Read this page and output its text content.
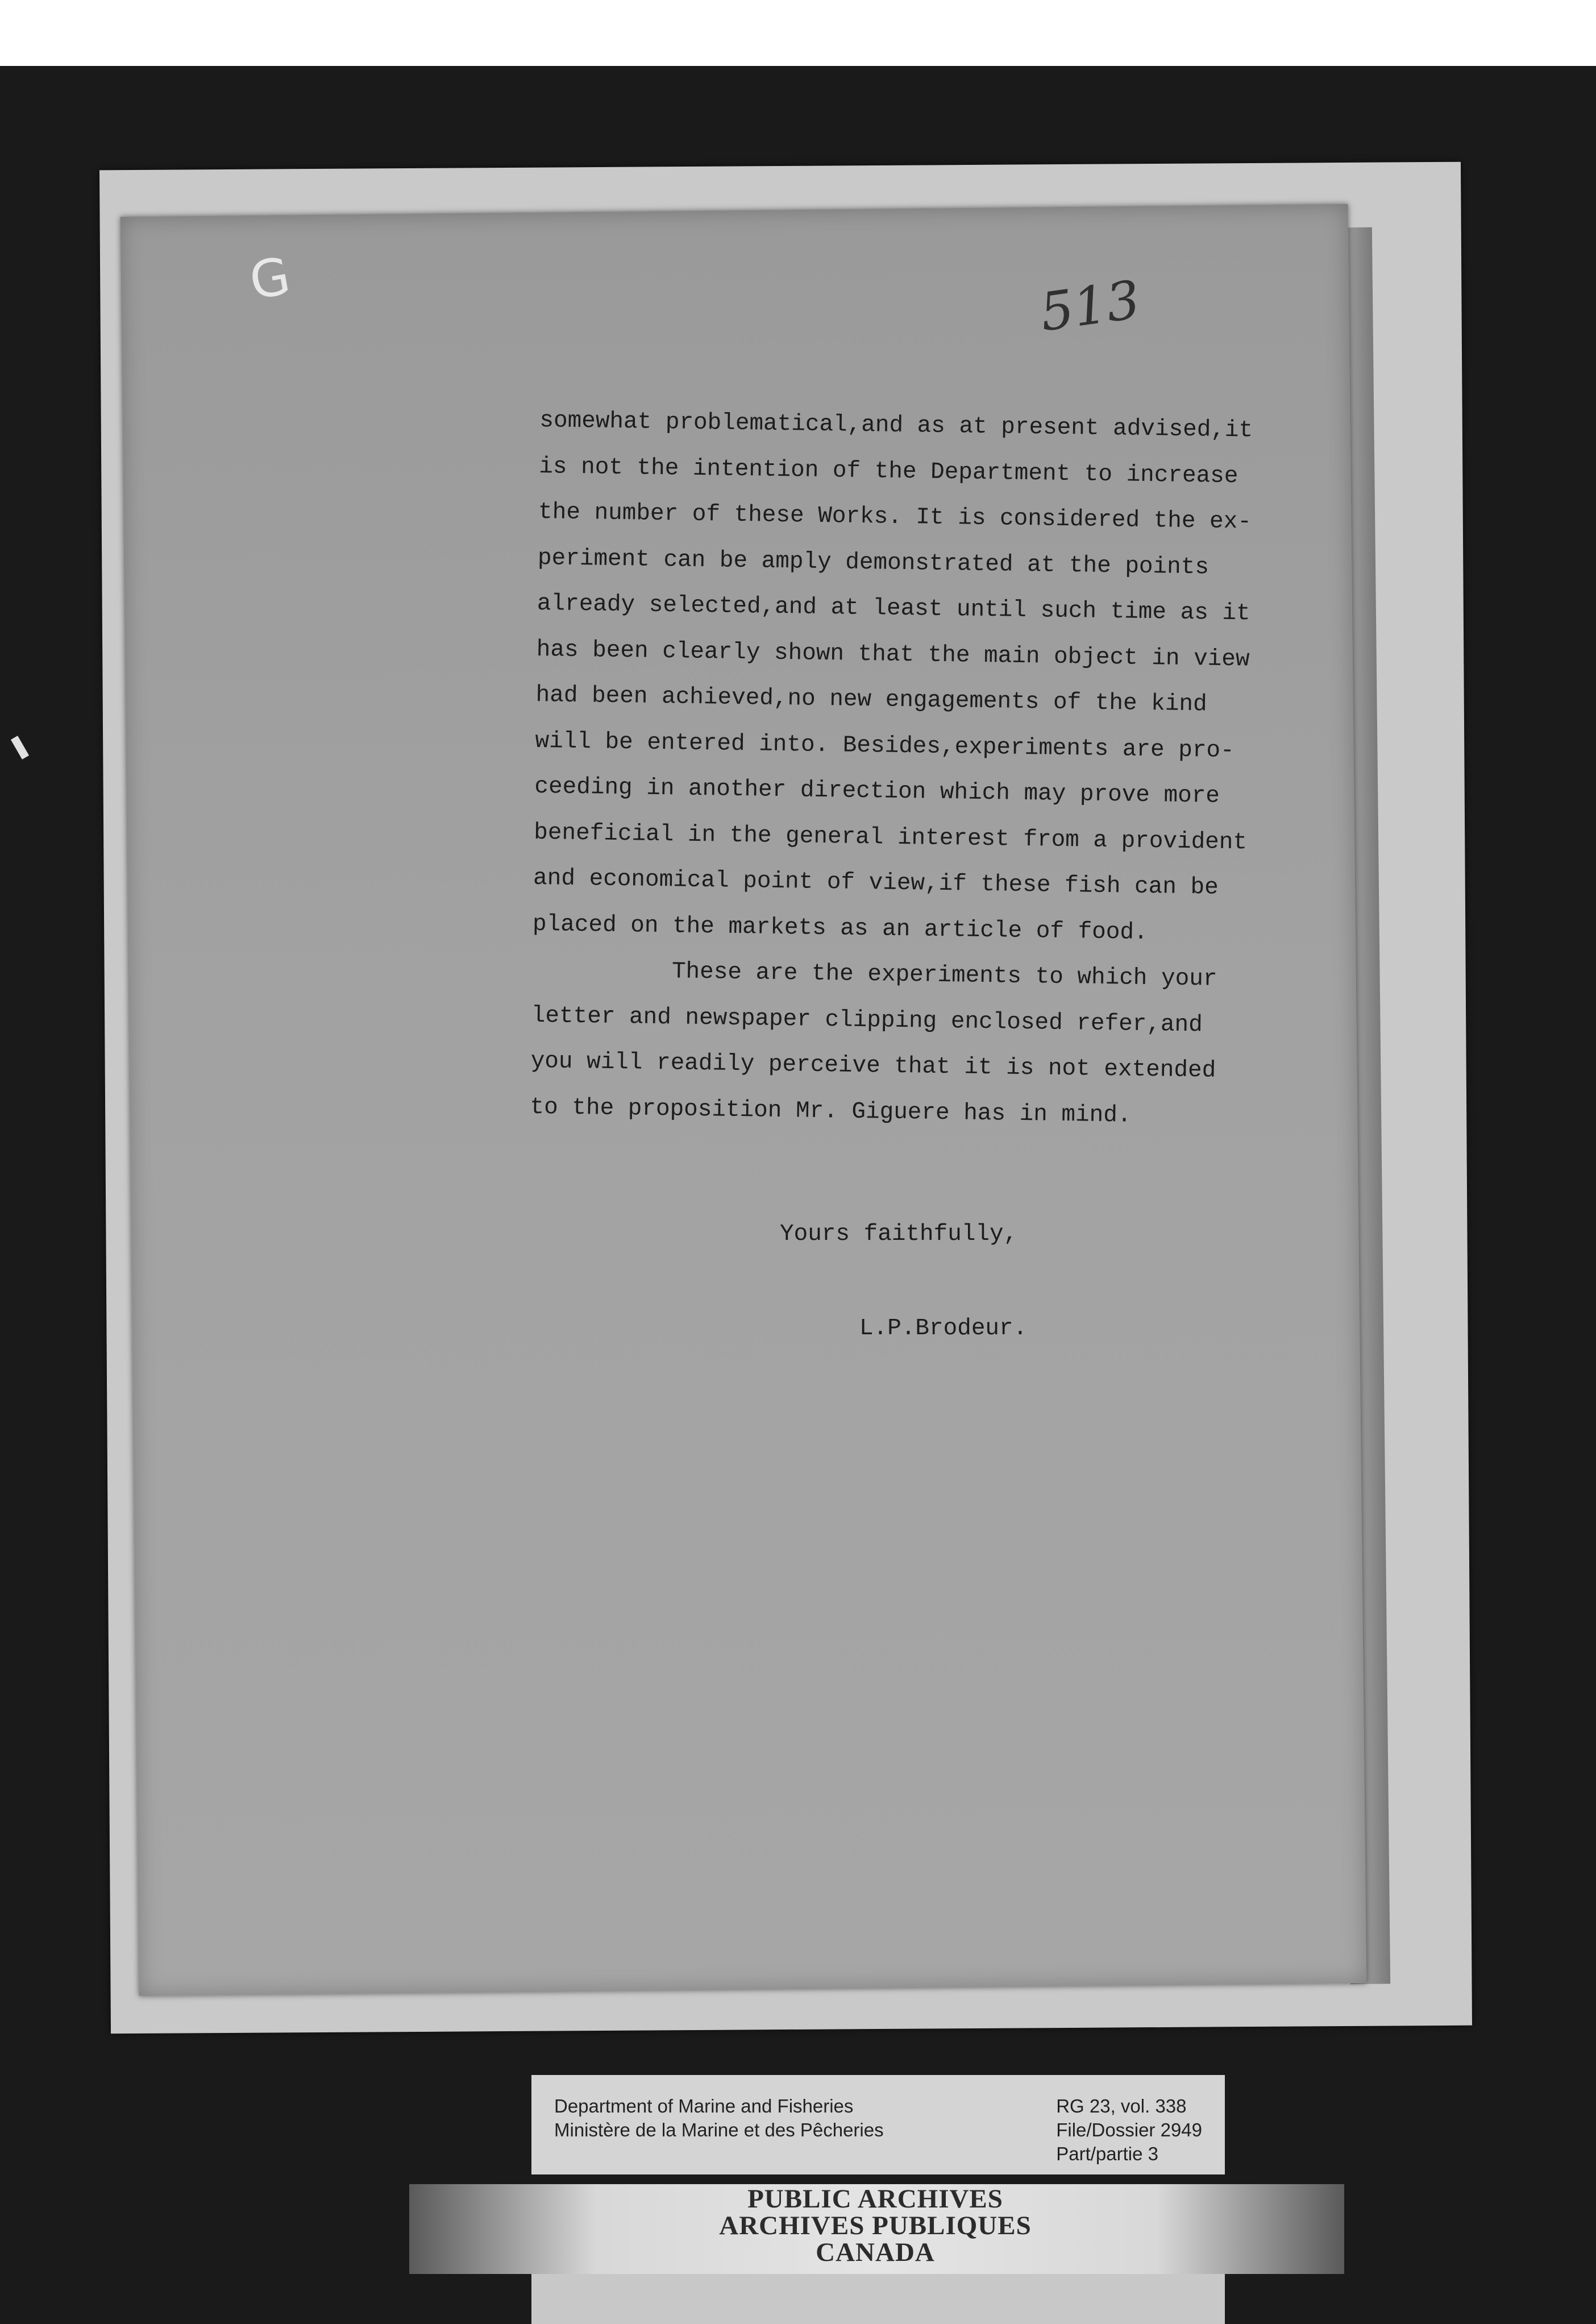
G	513
somewhat problematical,and as at present advised,it
is not the intention of the Department to increase
the number of these Works. It is considered the ex-
periment can be amply demonstrated at the points
already selected,and at least until such time as it
has been clearly shown that the main object in view
had been achieved,no new engagements of the kind
will be entered into. Besides,experiments are pro-
ceeding in another direction which may prove more
beneficial in the general interest from a provident
and economical point of view,if these fish can be
placed on the markets as an article of food.
These are the experiments to which your
letter and newspaper clipping enclosed refer,and
you will readily perceive that it is not extended
to the proposition Mr. Giguere has in mind.
Yours faithfully,
L.P.Brodeur.
Department of Marine and Fisheries
Ministère de la Marine et des Pêcheries
RG 23, vol. 338
File/Dossier 2949
Part/partie 3
PUBLIC ARCHIVES
ARCHIVES PUBLIQUES
CANADA
